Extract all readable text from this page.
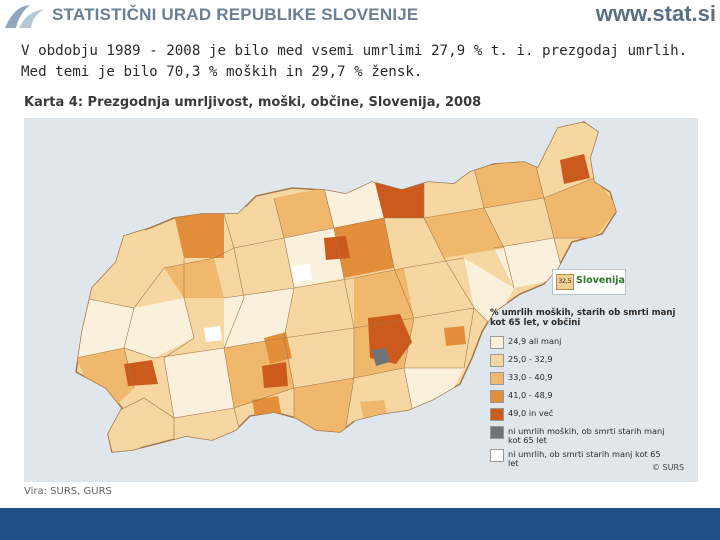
STATISTIČNI URAD REPUBLIKE SLOVENIJE	www.stat.si

V obdobju 1989 - 2008 je bilo med vsemi umrlimi 27,9 % t. i. prezgodaj umrlih. Med temi je bilo 70,3 % moških in 29,7 % žensk.

Karta 4: Prezgodnja umrljivost, moški, občine, Slovenija, 2008
32,5 Slovenija
% umrlih moških, starih ob smrti manj kot 65 let, v občini
24,9 ali manj
25,0 - 32,9
33,0 - 40,9
41,0 - 48,9
49,0 in več
ni umrlih moških, ob smrti starih manj kot 65 let
ni umrlih, ob smrti starih manj kot 65 let	© SURS
Vira: SURS, GURS
